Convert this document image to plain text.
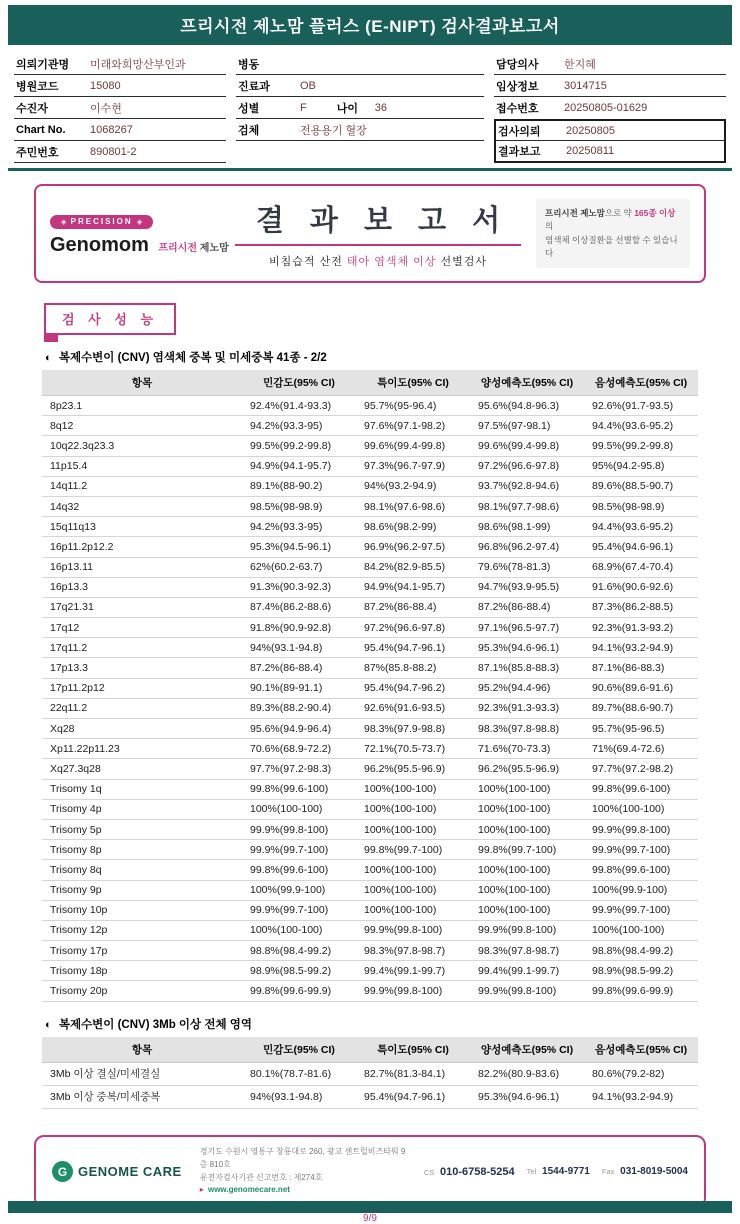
프리시전 제노맘 플러스 (E-NIPT) 검사결과보고서
의뢰기관명	미래와희망산부인과
병원코드	15080
수진자	이수현
Chart No.	1068267
주민번호	890801-2
병동
진료과	OB
성별	F	나이	36
검체	전용용기 혈장
담당의사	한지혜
임상정보	3014715
접수번호	20250805-01629
검사의뢰	20250805
결과보고	20250811
◈ PRECISION ◈
Genomom 프리시전 제노맘
결 과 보 고 서
비침습적 산전 태아 염색체 이상 선별검사
프리시전 제노맘으로 약 165종 이상의
염색체 이상질환을 선별할 수 있습니다
검 사 성 능
◐ 복제수변이 (CNV) 염색체 중복 및 미세중복 41종 - 2/2
항목	민감도(95% CI)	특이도(95% CI)	양성예측도(95% CI)	음성예측도(95% CI)
8p23.1	92.4%(91.4-93.3)	95.7%(95-96.4)	95.6%(94.8-96.3)	92.6%(91.7-93.5)
8q12	94.2%(93.3-95)	97.6%(97.1-98.2)	97.5%(97-98.1)	94.4%(93.6-95.2)
10q22.3q23.3	99.5%(99.2-99.8)	99.6%(99.4-99.8)	99.6%(99.4-99.8)	99.5%(99.2-99.8)
11p15.4	94.9%(94.1-95.7)	97.3%(96.7-97.9)	97.2%(96.6-97.8)	95%(94.2-95.8)
14q11.2	89.1%(88-90.2)	94%(93.2-94.9)	93.7%(92.8-94.6)	89.6%(88.5-90.7)
14q32	98.5%(98-98.9)	98.1%(97.6-98.6)	98.1%(97.7-98.6)	98.5%(98-98.9)
15q11q13	94.2%(93.3-95)	98.6%(98.2-99)	98.6%(98.1-99)	94.4%(93.6-95.2)
16p11.2p12.2	95.3%(94.5-96.1)	96.9%(96.2-97.5)	96.8%(96.2-97.4)	95.4%(94.6-96.1)
16p13.11	62%(60.2-63.7)	84.2%(82.9-85.5)	79.6%(78-81.3)	68.9%(67.4-70.4)
16p13.3	91.3%(90.3-92.3)	94.9%(94.1-95.7)	94.7%(93.9-95.5)	91.6%(90.6-92.6)
17q21.31	87.4%(86.2-88.6)	87.2%(86-88.4)	87.2%(86-88.4)	87.3%(86.2-88.5)
17q12	91.8%(90.9-92.8)	97.2%(96.6-97.8)	97.1%(96.5-97.7)	92.3%(91.3-93.2)
17q11.2	94%(93.1-94.8)	95.4%(94.7-96.1)	95.3%(94.6-96.1)	94.1%(93.2-94.9)
17p13.3	87.2%(86-88.4)	87%(85.8-88.2)	87.1%(85.8-88.3)	87.1%(86-88.3)
17p11.2p12	90.1%(89-91.1)	95.4%(94.7-96.2)	95.2%(94.4-96)	90.6%(89.6-91.6)
22q11.2	89.3%(88.2-90.4)	92.6%(91.6-93.5)	92.3%(91.3-93.3)	89.7%(88.6-90.7)
Xq28	95.6%(94.9-96.4)	98.3%(97.9-98.8)	98.3%(97.8-98.8)	95.7%(95-96.5)
Xp11.22p11.23	70.6%(68.9-72.2)	72.1%(70.5-73.7)	71.6%(70-73.3)	71%(69.4-72.6)
Xq27.3q28	97.7%(97.2-98.3)	96.2%(95.5-96.9)	96.2%(95.5-96.9)	97.7%(97.2-98.2)
Trisomy 1q	99.8%(99.6-100)	100%(100-100)	100%(100-100)	99.8%(99.6-100)
Trisomy 4p	100%(100-100)	100%(100-100)	100%(100-100)	100%(100-100)
Trisomy 5p	99.9%(99.8-100)	100%(100-100)	100%(100-100)	99.9%(99.8-100)
Trisomy 8p	99.9%(99.7-100)	99.8%(99.7-100)	99.8%(99.7-100)	99.9%(99.7-100)
Trisomy 8q	99.8%(99.6-100)	100%(100-100)	100%(100-100)	99.8%(99.6-100)
Trisomy 9p	100%(99.9-100)	100%(100-100)	100%(100-100)	100%(99.9-100)
Trisomy 10p	99.9%(99.7-100)	100%(100-100)	100%(100-100)	99.9%(99.7-100)
Trisomy 12p	100%(100-100)	99.9%(99.8-100)	99.9%(99.8-100)	100%(100-100)
Trisomy 17p	98.8%(98.4-99.2)	98.3%(97.8-98.7)	98.3%(97.8-98.7)	98.8%(98.4-99.2)
Trisomy 18p	98.9%(98.5-99.2)	99.4%(99.1-99.7)	99.4%(99.1-99.7)	98.9%(98.5-99.2)
Trisomy 20p	99.8%(99.6-99.9)	99.9%(99.8-100)	99.9%(99.8-100)	99.8%(99.6-99.9)
◐ 복제수변이 (CNV) 3Mb 이상 전체 영역
항목	민감도(95% CI)	특이도(95% CI)	양성예측도(95% CI)	음성예측도(95% CI)
3Mb 이상 결실/미세결실	80.1%(78.7-81.6)	82.7%(81.3-84.1)	82.2%(80.9-83.6)	80.6%(79.2-82)
3Mb 이상 중복/미세중복	94%(93.1-94.8)	95.4%(94.7-96.1)	95.3%(94.6-96.1)	94.1%(93.2-94.9)
G GENOME CARE
경기도 수원시 영통구 창룡대로 260, 광교 센트럴비즈타워 9층 810호
유전자검사기관 신고번호 : 제274호
▸ www.genomecare.net
CS 010-6758-5254 Tel 1544-9771 Fax 031-8019-5004
9/9
